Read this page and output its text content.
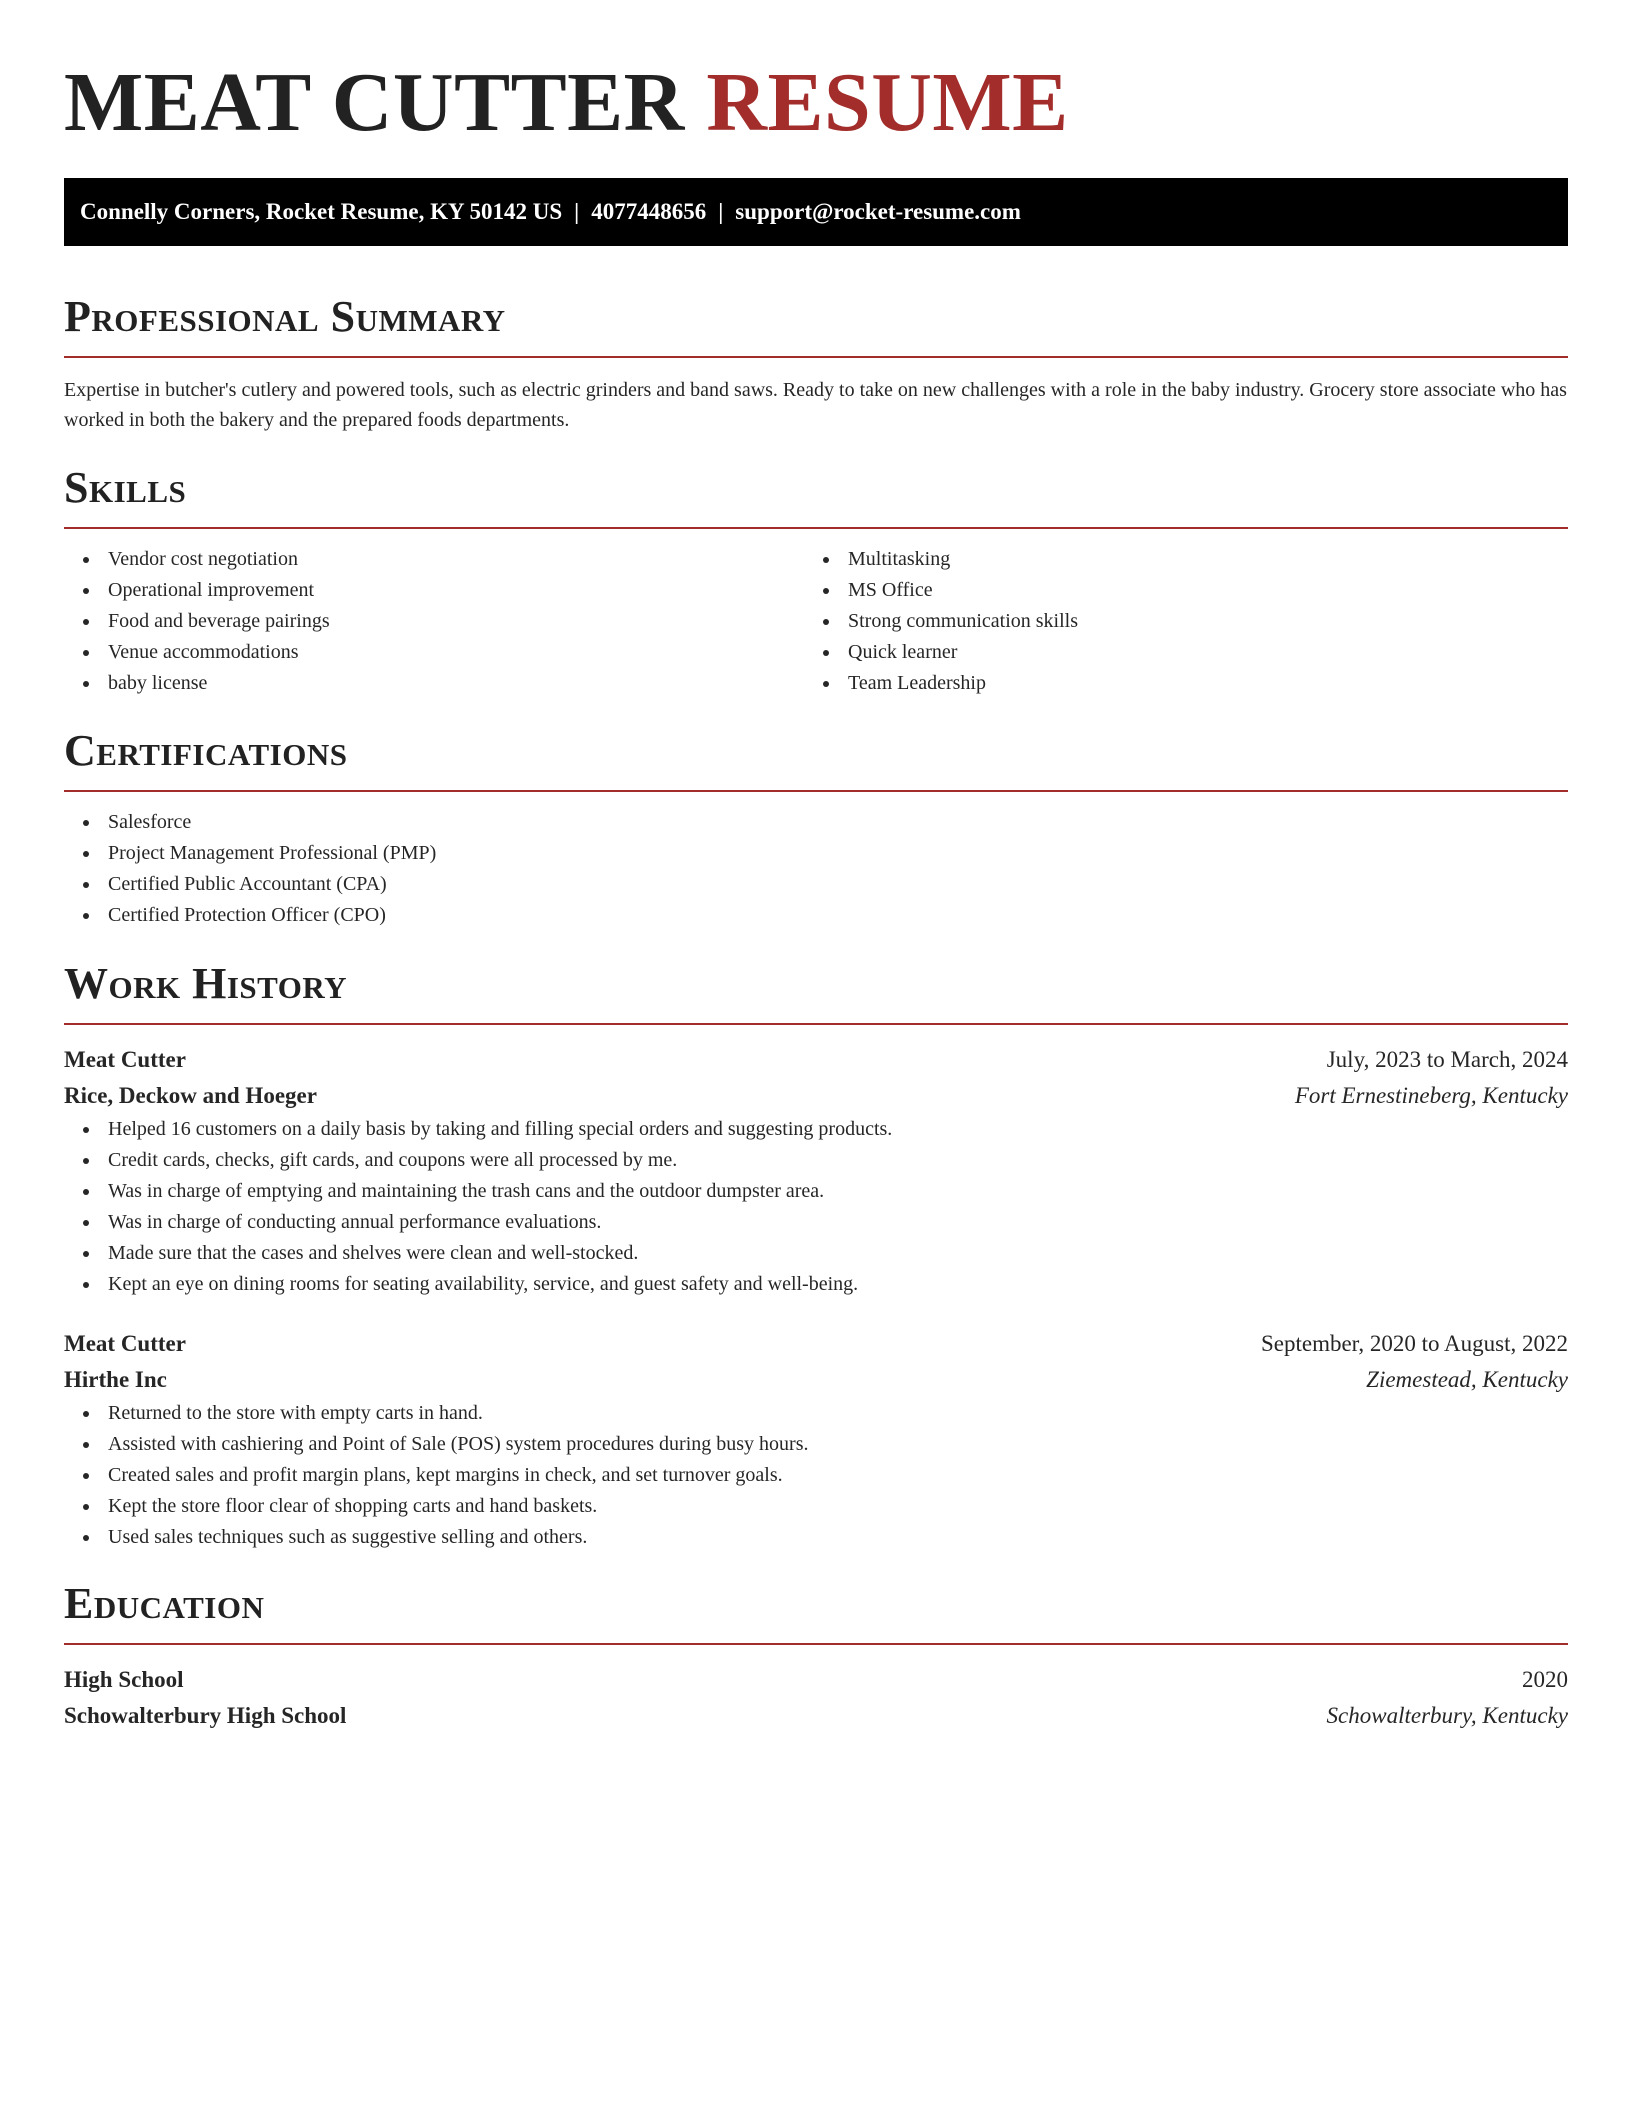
MEAT CUTTER RESUME
Connelly Corners, Rocket Resume, KY 50142 US | 4077448656 | support@rocket-resume.com
Professional Summary

Expertise in butcher's cutlery and powered tools, such as electric grinders and band saws. Ready to take on new challenges with a role in the baby industry. Grocery store associate who has worked in both the bakery and the prepared foods departments.

Skills
Vendor cost negotiation
Operational improvement
Food and beverage pairings
Venue accommodations
baby license
Multitasking
MS Office
Strong communication skills
Quick learner
Team Leadership
Certifications
Salesforce
Project Management Professional (PMP)
Certified Public Accountant (CPA)
Certified Protection Officer (CPO)
Work History
Meat Cutter	July, 2023 to March, 2024
Rice, Deckow and Hoeger	Fort Ernestineberg, Kentucky
Helped 16 customers on a daily basis by taking and filling special orders and suggesting products.
Credit cards, checks, gift cards, and coupons were all processed by me.
Was in charge of emptying and maintaining the trash cans and the outdoor dumpster area.
Was in charge of conducting annual performance evaluations.
Made sure that the cases and shelves were clean and well-stocked.
Kept an eye on dining rooms for seating availability, service, and guest safety and well-being.
Meat Cutter	September, 2020 to August, 2022
Hirthe Inc	Ziemestead, Kentucky
Returned to the store with empty carts in hand.
Assisted with cashiering and Point of Sale (POS) system procedures during busy hours.
Created sales and profit margin plans, kept margins in check, and set turnover goals.
Kept the store floor clear of shopping carts and hand baskets.
Used sales techniques such as suggestive selling and others.
Education
High School	2020
Schowalterbury High School	Schowalterbury, Kentucky
